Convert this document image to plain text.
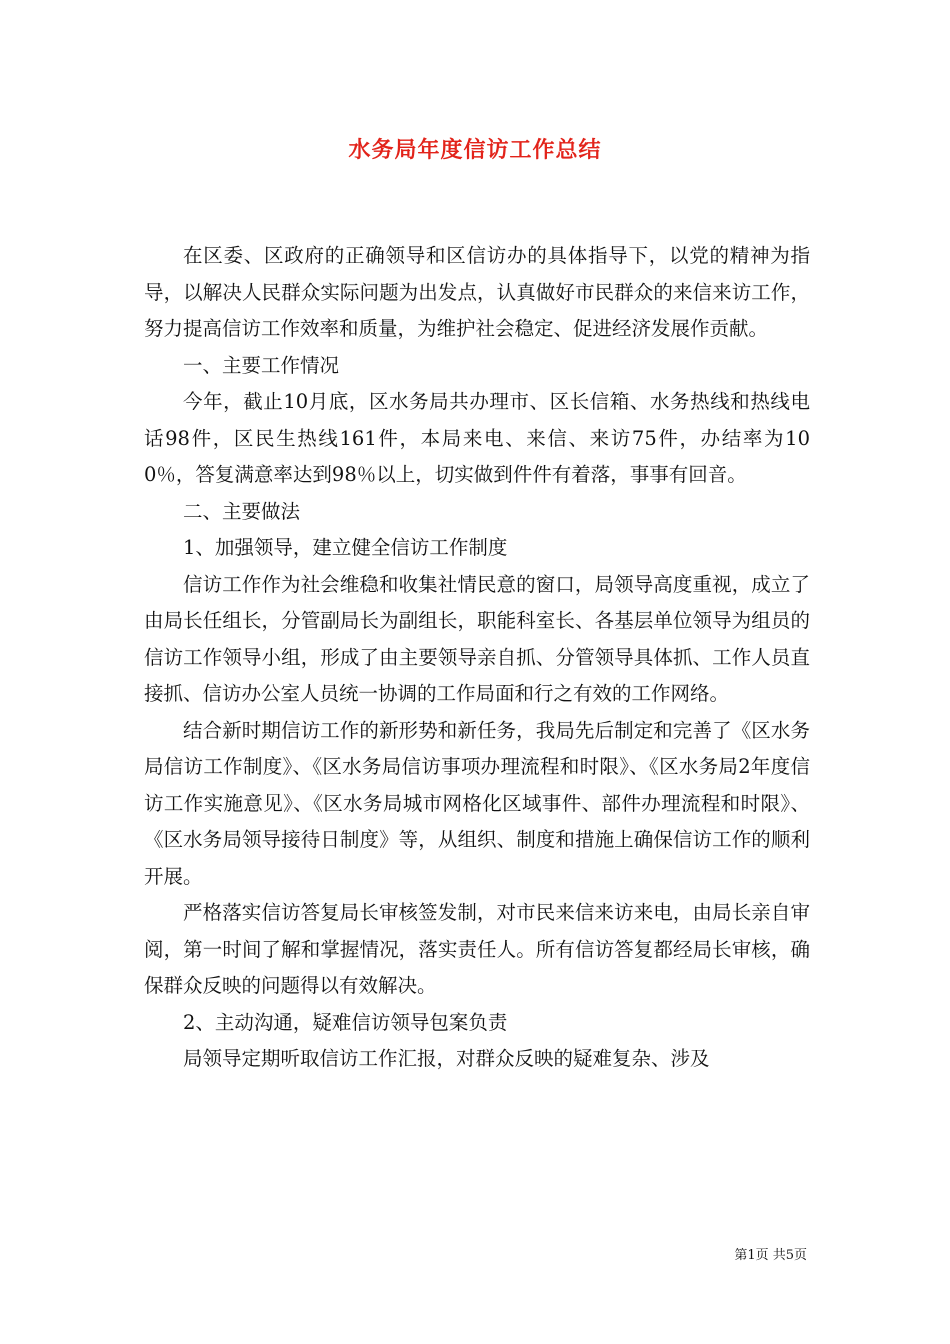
水务局年度信访工作总结

在区委、区政府的正确领导和区信访办的具体指导下，以党的精神为指导，以解决人民群众实际问题为出发点，认真做好市民群众的来信来访工作，努力提高信访工作效率和质量，为维护社会稳定、促进经济发展作贡献。

一、主要工作情况

今年，截止10月底，区水务局共办理市、区长信箱、水务热线和热线电话98件，区民生热线161件，本局来电、来信、来访75件，办结率为100％，答复满意率达到98％以上，切实做到件件有着落，事事有回音。

二、主要做法

1、加强领导，建立健全信访工作制度

信访工作作为社会维稳和收集社情民意的窗口，局领导高度重视，成立了由局长任组长，分管副局长为副组长，职能科室长、各基层单位领导为组员的信访工作领导小组，形成了由主要领导亲自抓、分管领导具体抓、工作人员直接抓、信访办公室人员统一协调的工作局面和行之有效的工作网络。

结合新时期信访工作的新形势和新任务，我局先后制定和完善了《区水务局信访工作制度》、《区水务局信访事项办理流程和时限》、《区水务局2年度信访工作实施意见》、《区水务局城市网格化区域事件、部件办理流程和时限》、《区水务局领导接待日制度》等，从组织、制度和措施上确保信访工作的顺利开展。

严格落实信访答复局长审核签发制，对市民来信来访来电，由局长亲自审阅，第一时间了解和掌握情况，落实责任人。所有信访答复都经局长审核，确保群众反映的问题得以有效解决。

2、主动沟通，疑难信访领导包案负责

局领导定期听取信访工作汇报，对群众反映的疑难复杂、涉及

第1页 共5页
